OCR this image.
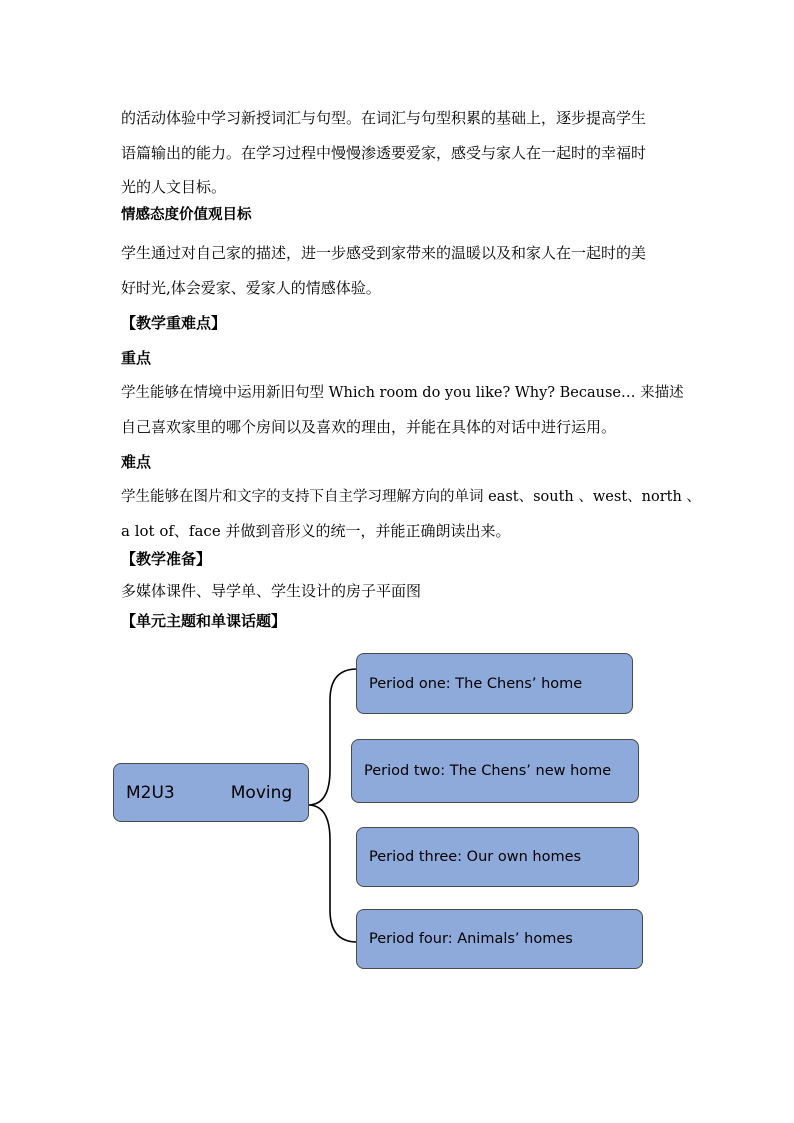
的活动体验中学习新授词汇与句型。在词汇与句型积累的基础上，逐步提高学生
语篇输出的能力。在学习过程中慢慢渗透要爱家，感受与家人在一起时的幸福时
光的人文目标。
情感态度价值观目标
学生通过对自己家的描述，进一步感受到家带来的温暖以及和家人在一起时的美
好时光,体会爱家、爱家人的情感体验。
【教学重难点】
重点
学生能够在情境中运用新旧句型 Which room do you like? Why? Because… 来描述
自己喜欢家里的哪个房间以及喜欢的理由，并能在具体的对话中进行运用。
难点
学生能够在图片和文字的支持下自主学习理解方向的单词 east、south 、west、north 、
a lot of、face 并做到音形义的统一，并能正确朗读出来。
【教学准备】
多媒体课件、导学单、学生设计的房子平面图
【单元主题和单课话题】
M2U3	Moving
Period one: The Chens’ home
Period two: The Chens’ new home
Period three: Our own homes
Period four: Animals’ homes
